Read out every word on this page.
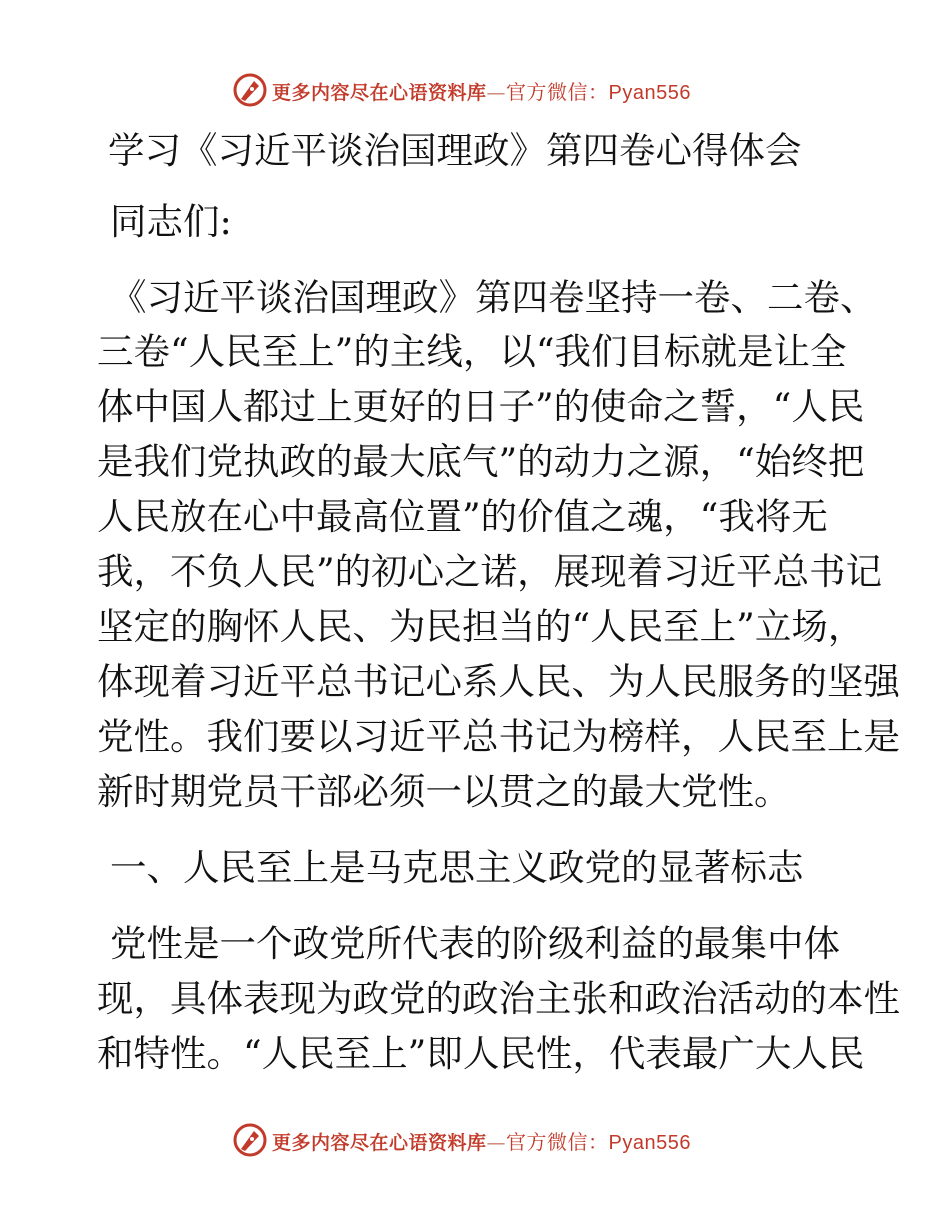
更多内容尽在心语资料库—官方微信：Pyan556
学习《习近平谈治国理政》第四卷心得体会
同志们:
《习近平谈治国理政》第四卷坚持一卷、二卷、
三卷“人民至上”的主线，以“我们目标就是让全
体中国人都过上更好的日子”的使命之誓，“人民
是我们党执政的最大底气”的动力之源，“始终把
人民放在心中最高位置”的价值之魂，“我将无
我，不负人民”的初心之诺，展现着习近平总书记
坚定的胸怀人民、为民担当的“人民至上”立场，
体现着习近平总书记心系人民、为人民服务的坚强
党性。我们要以习近平总书记为榜样，人民至上是
新时期党员干部必须一以贯之的最大党性。
一、人民至上是马克思主义政党的显著标志
党性是一个政党所代表的阶级利益的最集中体
现，具体表现为政党的政治主张和政治活动的本性
和特性。“人民至上”即人民性，代表最广大人民
更多内容尽在心语资料库—官方微信：Pyan556
